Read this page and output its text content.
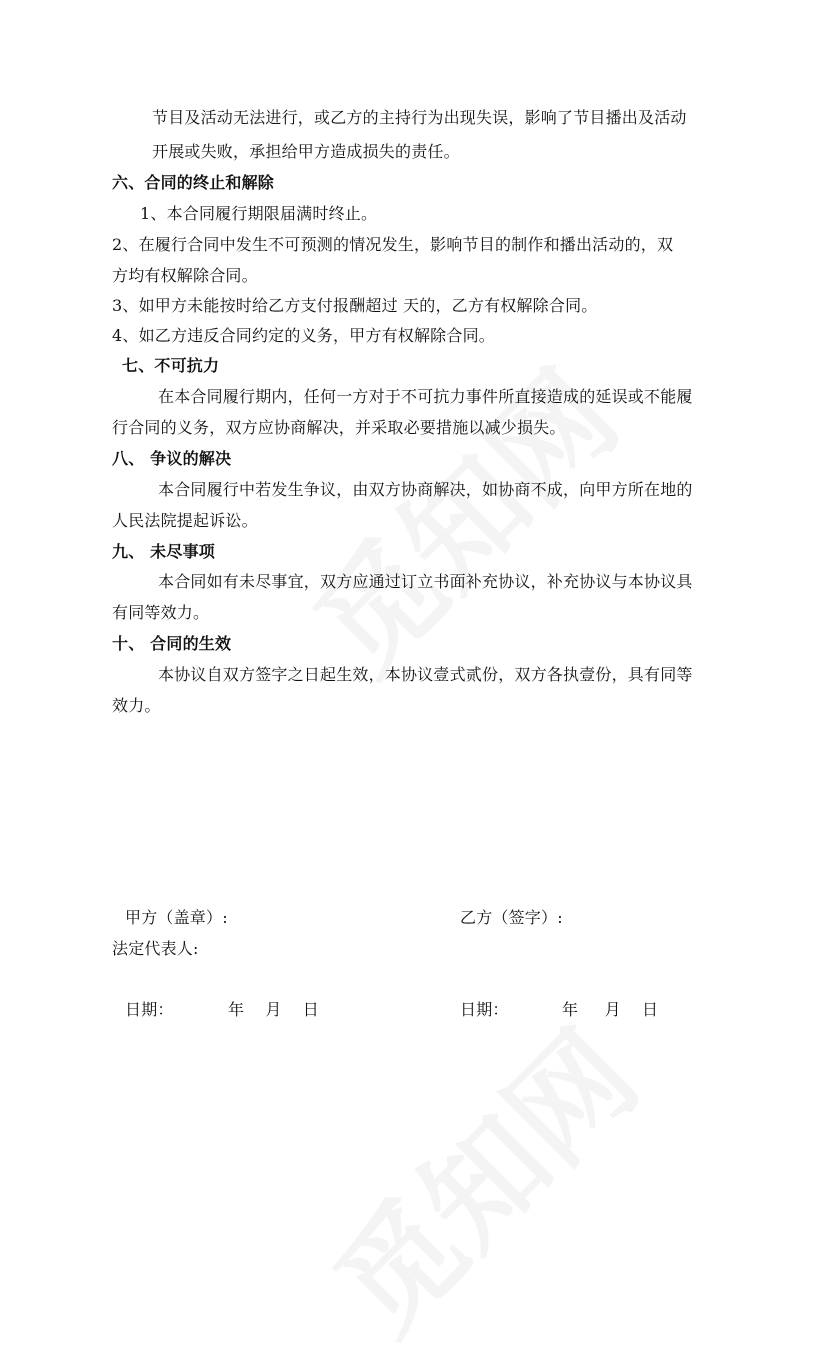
节目及活动无法进行，或乙方的主持行为出现失误，影响了节目播出及活动
开展或失败，承担给甲方造成损失的责任。
六、合同的终止和解除
1、本合同履行期限届满时终止。
2、在履行合同中发生不可预测的情况发生，影响节目的制作和播出活动的，双
方均有权解除合同。
3、如甲方未能按时给乙方支付报酬超过 天的，乙方有权解除合同。
4、如乙方违反合同约定的义务，甲方有权解除合同。
七、不可抗力
在本合同履行期内，任何一方对于不可抗力事件所直接造成的延误或不能履
行合同的义务，双方应协商解决，并采取必要措施以减少损失。
八、 争议的解决
本合同履行中若发生争议，由双方协商解决，如协商不成，向甲方所在地的
人民法院提起诉讼。
九、 未尽事项
本合同如有未尽事宜，双方应通过订立书面补充协议，补充协议与本协议具
有同等效力。
十、 合同的生效
本协议自双方签字之日起生效，本协议壹式贰份，双方各执壹份，具有同等
效力。
甲方（盖章）:	乙方（签字）:
法定代表人:
日期：	年    月    日	日期：	年     月    日
